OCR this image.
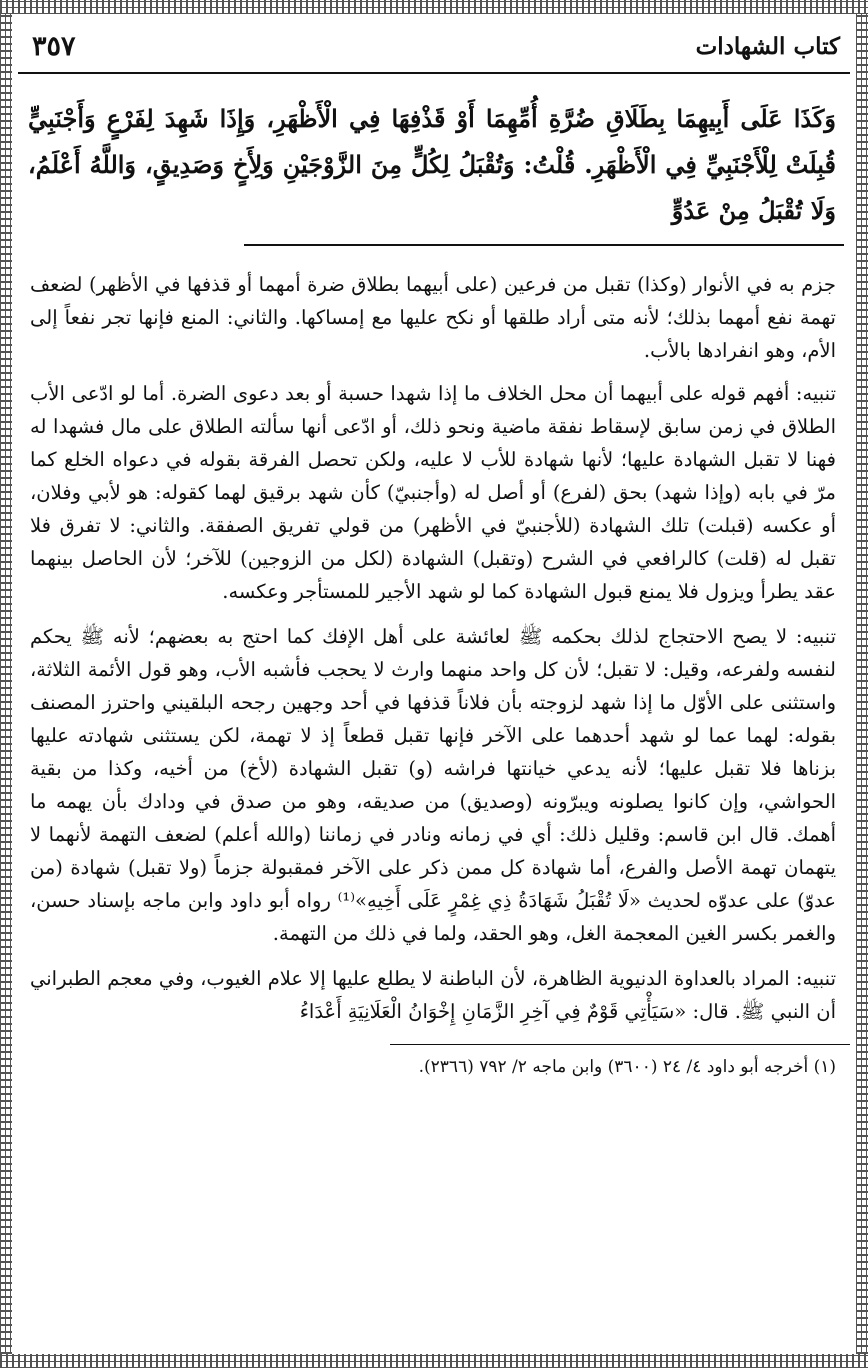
كتاب الشهادات
٣٥٧

وَكَذَا عَلَى أَبِيهِمَا بِطَلَاقِ ضُرَّةِ أُمِّهِمَا أَوْ قَذْفِهَا فِي الْأَظْهَرِ، وَإِذَا شَهِدَ لِفَرْعٍ وَأَجْنَبِيٍّ قُبِلَتْ لِلْأَجْنَبِيِّ فِي الْأَظْهَرِ. قُلْتُ: وَتُقْبَلُ لِكُلٍّ مِنَ الزَّوْجَيْنِ وَلِأَخٍ وَصَدِيقٍ، وَاللَّهُ أَعْلَمُ، وَلَا تُقْبَلُ مِنْ عَدُوٍّ

جزم به في الأنوار (وكذا) تقبل من فرعين (على أبيهما بطلاق ضرة أمهما أو قذفها في الأظهر) لضعف تهمة نفع أمهما بذلك؛ لأنه متى أراد طلقها أو نكح عليها مع إمساكها. والثاني: المنع فإنها تجر نفعاً إلى الأم، وهو انفرادها بالأب.

تنبيه: أفهم قوله على أبيهما أن محل الخلاف ما إذا شهدا حسبة أو بعد دعوى الضرة. أما لو ادّعى الأب الطلاق في زمن سابق لإسقاط نفقة ماضية ونحو ذلك، أو ادّعى أنها سألته الطلاق على مال فشهدا له فهنا لا تقبل الشهادة عليها؛ لأنها شهادة للأب لا عليه، ولكن تحصل الفرقة بقوله في دعواه الخلع كما مرّ في بابه (وإذا شهد) بحق (لفرع) أو أصل له (وأجنبيّ) كأن شهد برقيق لهما كقوله: هو لأبي وفلان، أو عكسه (قبلت) تلك الشهادة (للأجنبيّ في الأظهر) من قولي تفريق الصفقة. والثاني: لا تفرق فلا تقبل له (قلت) كالرافعي في الشرح (وتقبل) الشهادة (لكل من الزوجين) للآخر؛ لأن الحاصل بينهما عقد يطرأ ويزول فلا يمنع قبول الشهادة كما لو شهد الأجير للمستأجر وعكسه.

تنبيه: لا يصح الاحتجاج لذلك بحكمه ﷺ لعائشة على أهل الإفك كما احتج به بعضهم؛ لأنه ﷺ يحكم لنفسه ولفرعه، وقيل: لا تقبل؛ لأن كل واحد منهما وارث لا يحجب فأشبه الأب، وهو قول الأئمة الثلاثة، واستثنى على الأوّل ما إذا شهد لزوجته بأن فلاناً قذفها في أحد وجهين رجحه البلقيني واحترز المصنف بقوله: لهما عما لو شهد أحدهما على الآخر فإنها تقبل قطعاً إذ لا تهمة، لكن يستثنى شهادته عليها بزناها فلا تقبل عليها؛ لأنه يدعي خيانتها فراشه (و) تقبل الشهادة (لأخ) من أخيه، وكذا من بقية الحواشي، وإن كانوا يصلونه ويبرّونه (وصديق) من صديقه، وهو من صدق في ودادك بأن يهمه ما أهمك. قال ابن قاسم: وقليل ذلك: أي في زمانه ونادر في زماننا (والله أعلم) لضعف التهمة لأنهما لا يتهمان تهمة الأصل والفرع، أما شهادة كل ممن ذكر على الآخر فمقبولة جزماً (ولا تقبل) شهادة (من عدوّ) على عدوّه لحديث «لَا تُقْبَلُ شَهَادَةُ ذِي غِمْرٍ عَلَى أَخِيهِ»⁽¹⁾ رواه أبو داود وابن ماجه بإسناد حسن، والغمر بكسر الغين المعجمة الغل، وهو الحقد، ولما في ذلك من التهمة.

تنبيه: المراد بالعداوة الدنيوية الظاهرة، لأن الباطنة لا يطلع عليها إلا علام الغيوب، وفي معجم الطبراني أن النبي ﷺ. قال: «سَيَأْتِي قَوْمٌ فِي آخِرِ الزَّمَانِ إِخْوَانُ الْعَلَانِيَةِ أَعْدَاءُ

(١) أخرجه أبو داود ٤/ ٢٤ (٣٦٠٠) وابن ماجه ٢/ ٧٩٢ (٢٣٦٦).
